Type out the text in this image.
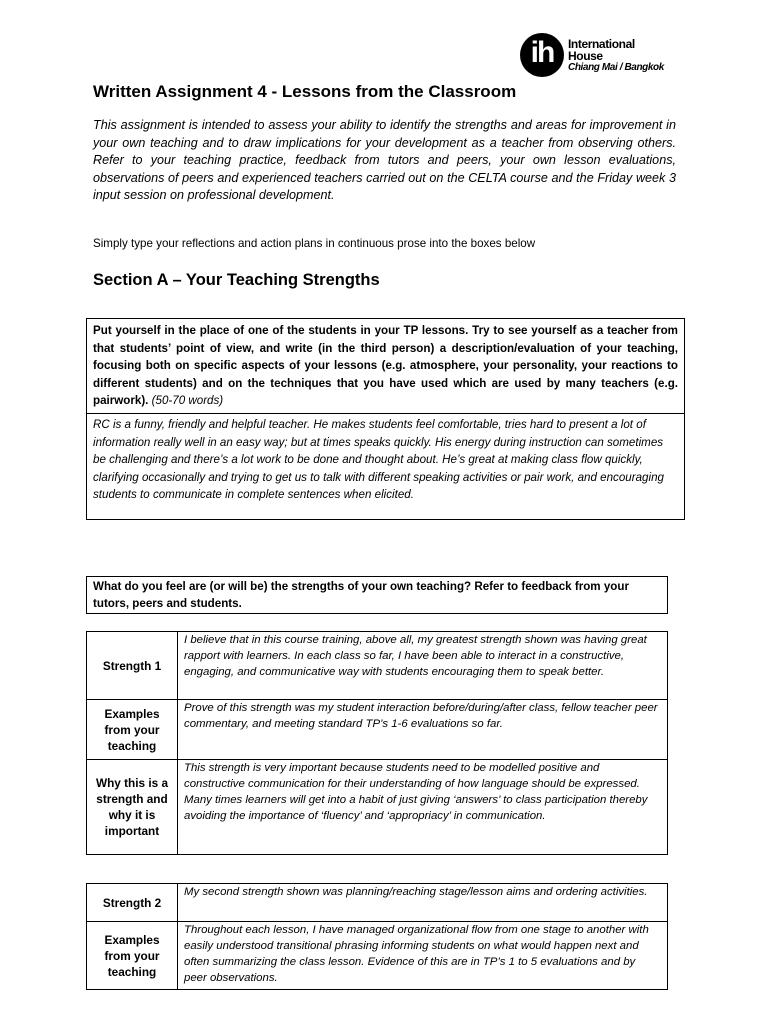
ih	International
House
Chiang Mai / Bangkok
Written Assignment 4 - Lessons from the Classroom
This assignment is intended to assess your ability to identify the strengths and areas for improvement in your own teaching and to draw implications for your development as a teacher from observing others. Refer to your teaching practice, feedback from tutors and peers, your own lesson evaluations, observations of peers and experienced teachers carried out on the CELTA course and the Friday week 3 input session on professional development.
Simply type your reflections and action plans in continuous prose into the boxes below
Section A – Your Teaching Strengths
Put yourself in the place of one of the students in your TP lessons. Try to see yourself as a teacher from that students’ point of view, and write (in the third person) a description/evaluation of your teaching, focusing both on specific aspects of your lessons (e.g. atmosphere, your personality, your reactions to different students) and on the techniques that you have used which are used by many teachers (e.g. pairwork). (50-70 words)
RC is a funny, friendly and helpful teacher. He makes students feel comfortable, tries hard to present a lot of information really well in an easy way; but at times speaks quickly. His energy during instruction can sometimes be challenging and there’s a lot work to be done and thought about. He’s great at making class flow quickly, clarifying occasionally and trying to get us to talk with different speaking activities or pair work, and encouraging students to communicate in complete sentences when elicited.
What do you feel are (or will be) the strengths of your own teaching? Refer to feedback from your tutors, peers and students.
Strength 1	I believe that in this course training, above all, my greatest strength shown was having great rapport with learners. In each class so far, I have been able to interact in a constructive, engaging, and communicative way with students encouraging them to speak better.
Examples from your teaching	Prove of this strength was my student interaction before/during/after class, fellow teacher peer commentary, and meeting standard TP’s 1-6 evaluations so far.
Why this is a strength and why it is important	This strength is very important because students need to be modelled positive and constructive communication for their understanding of how language should be expressed. Many times learners will get into a habit of just giving ‘answers’ to class participation thereby avoiding the importance of ‘fluency’ and ‘appropriacy’ in communication.
Strength 2	My second strength shown was planning/reaching stage/lesson aims and ordering activities.
Examples from your teaching	Throughout each lesson, I have managed organizational flow from one stage to another with easily understood transitional phrasing informing students on what would happen next and often summarizing the class lesson. Evidence of this are in TP’s 1 to 5 evaluations and by peer observations.
